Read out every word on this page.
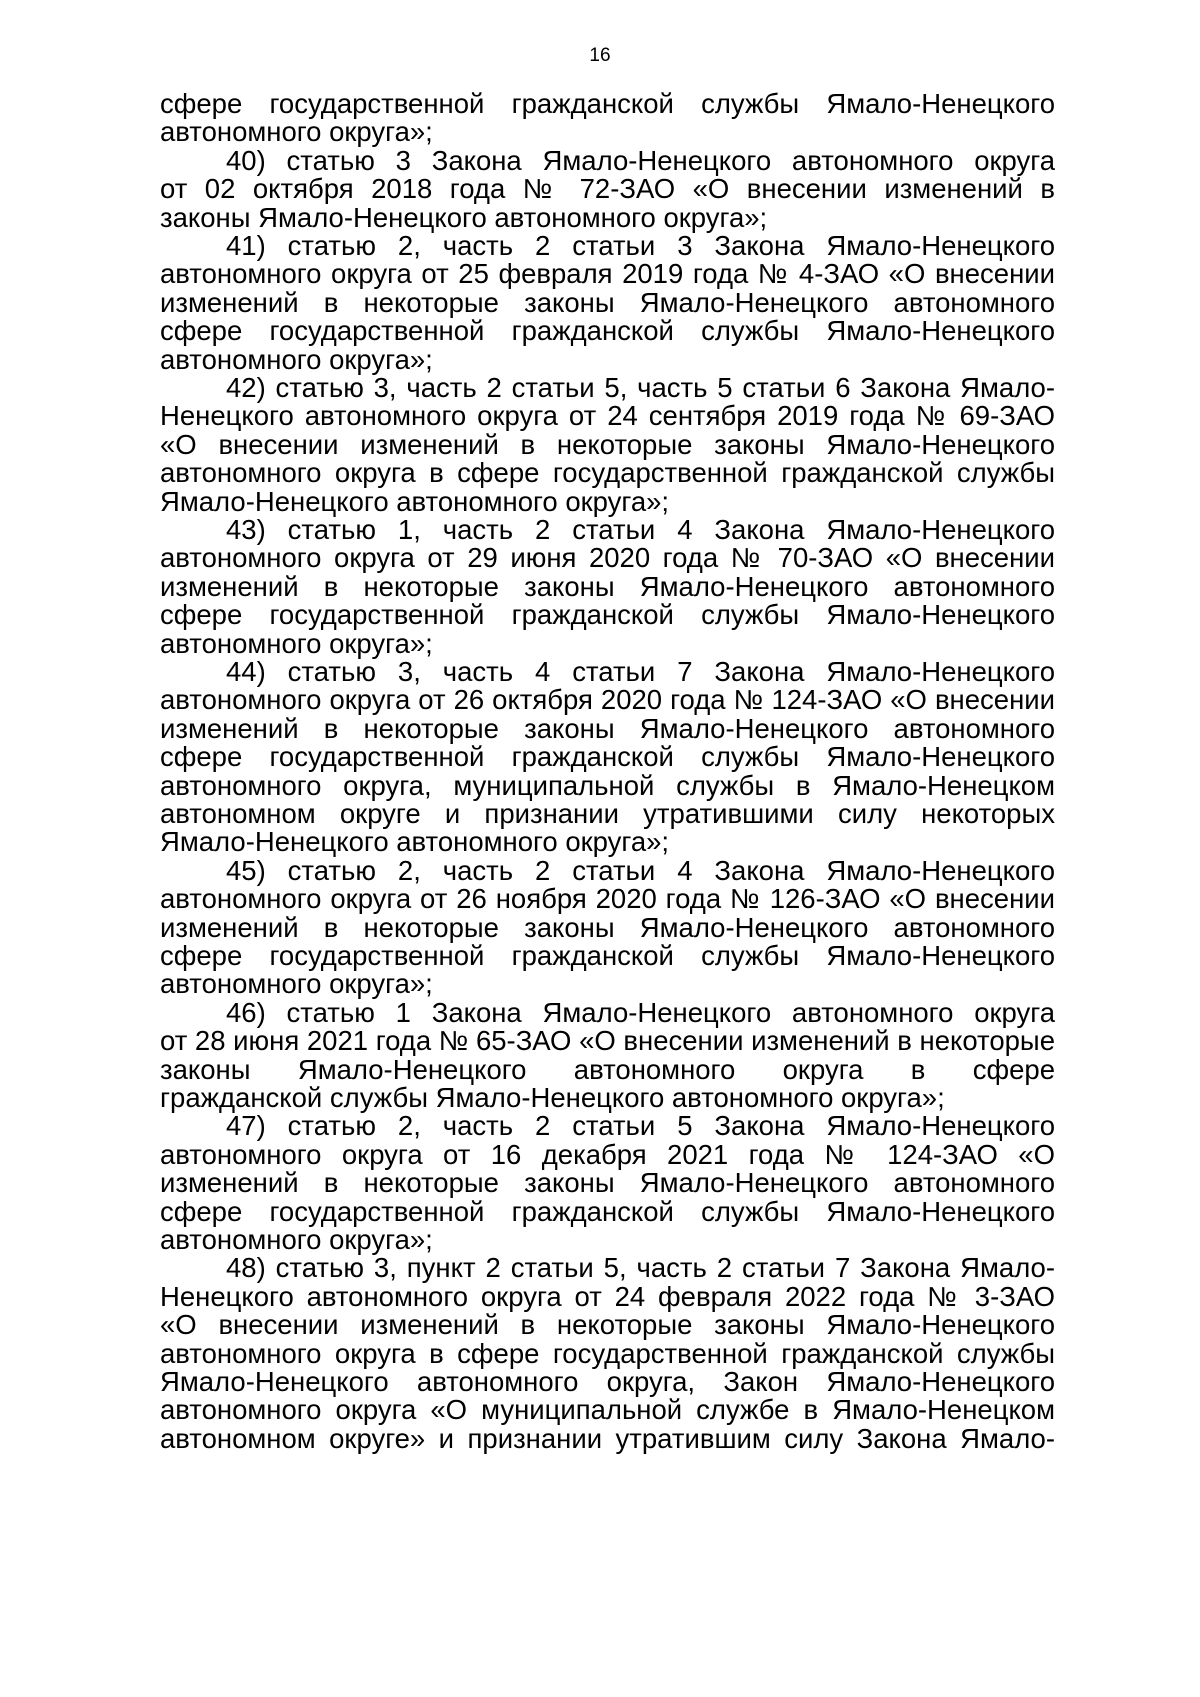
16
сфере государственной гражданской службы Ямало-Ненецкого
автономного округа»;
40) статью 3 Закона Ямало-Ненецкого автономного округа
от 02 октября 2018 года № 72-ЗАО «О внесении изменений в
законы Ямало-Ненецкого автономного округа»;
41) статью 2, часть 2 статьи 3 Закона Ямало-Ненецкого
автономного округа от 25 февраля 2019 года № 4-ЗАО «О внесении
изменений в некоторые законы Ямало-Ненецкого автономного
сфере государственной гражданской службы Ямало-Ненецкого
автономного округа»;
42) статью 3, часть 2 статьи 5, часть 5 статьи 6 Закона Ямало-
Ненецкого автономного округа от 24 сентября 2019 года № 69-ЗАО
«О внесении изменений в некоторые законы Ямало-Ненецкого
автономного округа в сфере государственной гражданской службы
Ямало-Ненецкого автономного округа»;
43) статью 1, часть 2 статьи 4 Закона Ямало-Ненецкого
автономного округа от 29 июня 2020 года № 70-ЗАО «О внесении
изменений в некоторые законы Ямало-Ненецкого автономного
сфере государственной гражданской службы Ямало-Ненецкого
автономного округа»;
44) статью 3, часть 4 статьи 7 Закона Ямало-Ненецкого
автономного округа от 26 октября 2020 года № 124-ЗАО «О внесении
изменений в некоторые законы Ямало-Ненецкого автономного
сфере государственной гражданской службы Ямало-Ненецкого
автономного округа, муниципальной службы в Ямало-Ненецком
автономном округе и признании утратившими силу некоторых
Ямало-Ненецкого автономного округа»;
45) статью 2, часть 2 статьи 4 Закона Ямало-Ненецкого
автономного округа от 26 ноября 2020 года № 126-ЗАО «О внесении
изменений в некоторые законы Ямало-Ненецкого автономного
сфере государственной гражданской службы Ямало-Ненецкого
автономного округа»;
46) статью 1 Закона Ямало-Ненецкого автономного округа
от 28 июня 2021 года № 65-ЗАО «О внесении изменений в некоторые
законы Ямало-Ненецкого автономного округа в сфере
гражданской службы Ямало-Ненецкого автономного округа»;
47) статью 2, часть 2 статьи 5 Закона Ямало-Ненецкого
автономного округа от 16 декабря 2021 года № 124-ЗАО «О
изменений в некоторые законы Ямало-Ненецкого автономного
сфере государственной гражданской службы Ямало-Ненецкого
автономного округа»;
48) статью 3, пункт 2 статьи 5, часть 2 статьи 7 Закона Ямало-
Ненецкого автономного округа от 24 февраля 2022 года № 3-ЗАО
«О внесении изменений в некоторые законы Ямало-Ненецкого
автономного округа в сфере государственной гражданской службы
Ямало-Ненецкого автономного округа, Закон Ямало-Ненецкого
автономного округа «О муниципальной службе в Ямало-Ненецком
автономном округе» и признании утратившим силу Закона Ямало-
